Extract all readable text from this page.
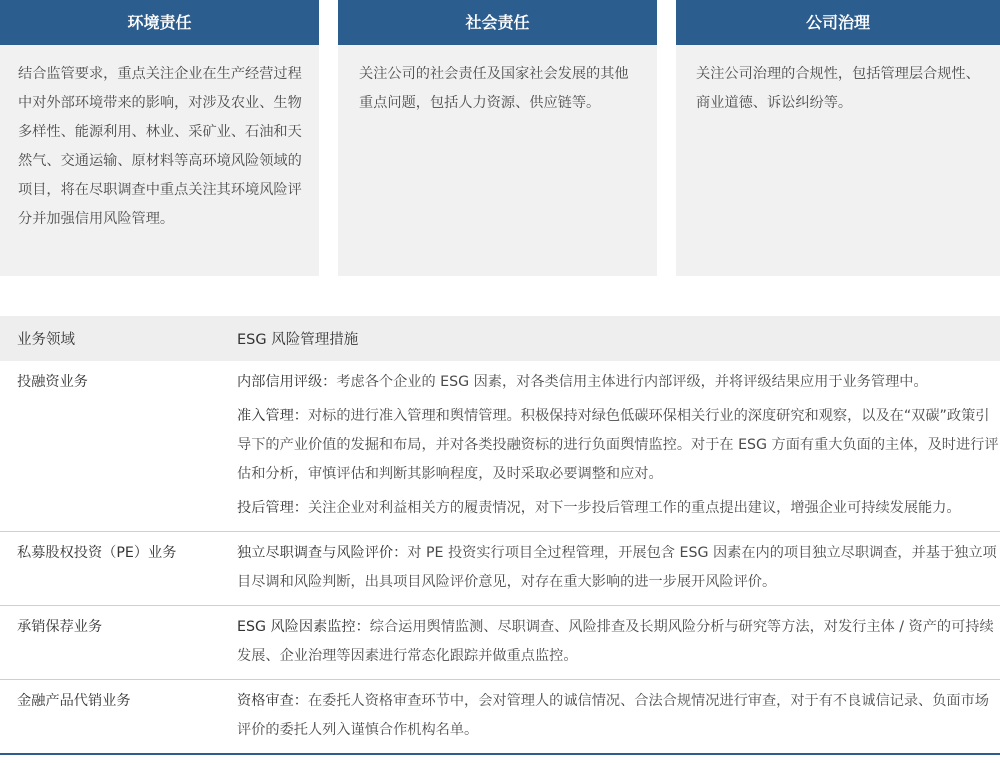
环境责任
结合监管要求，重点关注企业在生产经营过程中对外部环境带来的影响，对涉及农业、生物多样性、能源利用、林业、采矿业、石油和天然气、交通运输、原材料等高环境风险领域的项目，将在尽职调查中重点关注其环境风险评分并加强信用风险管理。
社会责任
关注公司的社会责任及国家社会发展的其他重点问题，包括人力资源、供应链等。
公司治理
关注公司治理的合规性，包括管理层合规性、商业道德、诉讼纠纷等。
业务领域	ESG 风险管理措施
投融资业务	内部信用评级：考虑各个企业的 ESG 因素，对各类信用主体进行内部评级，并将评级结果应用于业务管理中。
准入管理：对标的进行准入管理和舆情管理。积极保持对绿色低碳环保相关行业的深度研究和观察，以及在“双碳”政策引导下的产业价值的发掘和布局，并对各类投融资标的进行负面舆情监控。对于在 ESG 方面有重大负面的主体，及时进行评估和分析，审慎评估和判断其影响程度，及时采取必要调整和应对。
投后管理：关注企业对利益相关方的履责情况，对下一步投后管理工作的重点提出建议，增强企业可持续发展能力。

私募股权投资（PE）业务	独立尽职调查与风险评价：对 PE 投资实行项目全过程管理，开展包含 ESG 因素在内的项目独立尽职调查，并基于独立项目尽调和风险判断，出具项目风险评价意见，对存在重大影响的进一步展开风险评价。

承销保荐业务	ESG 风险因素监控：综合运用舆情监测、尽职调查、风险排查及长期风险分析与研究等方法，对发行主体 / 资产的可持续发展、企业治理等因素进行常态化跟踪并做重点监控。

金融产品代销业务	资格审查：在委托人资格审查环节中，会对管理人的诚信情况、合法合规情况进行审查，对于有不良诚信记录、负面市场评价的委托人列入谨慎合作机构名单。
